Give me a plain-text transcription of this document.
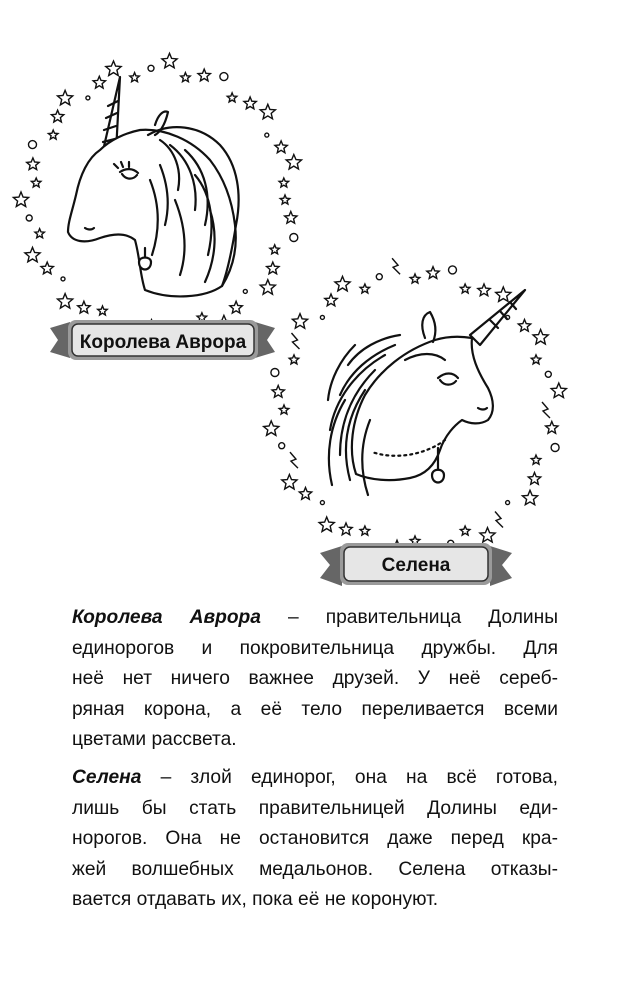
Королева Аврора
Селена
Королева Аврора – правительница Долины
единорогов и покровительница дружбы. Для
неё нет ничего важнее друзей. У неё сереб-
ряная корона, а её тело переливается всеми
цветами рассвета.
Селена – злой единорог, она на всё готова,
лишь бы стать правительницей Долины еди-
норогов. Она не остановится даже перед кра-
жей волшебных медальонов. Селена отказы-
вается отдавать их, пока её не коронуют.
